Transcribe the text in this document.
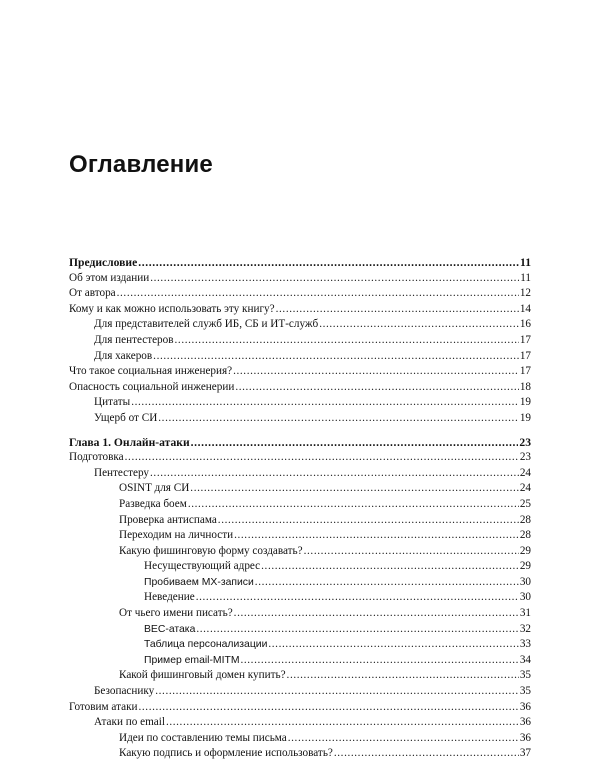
Оглавление
Предисловие .....	11
Об этом издании .....	11
От автора .....	12
Кому и как можно использовать эту книгу? .....	14
Для представителей служб ИБ, СБ и ИТ-служб .....	16
Для пентестеров .....	17
Для хакеров .....	17
Что такое социальная инженерия? .....	17
Опасность социальной инженерии .....	18
Цитаты .....	19
Ущерб от СИ .....	19
Глава 1. Онлайн-атаки .....	23
Подготовка .....	23
Пентестеру .....	24
OSINT для СИ .....	24
Разведка боем .....	25
Проверка антиспама .....	28
Переходим на личности .....	28
Какую фишинговую форму создавать? .....	29
Несуществующий адрес .....	29
Пробиваем MX-записи .....	30
Неведение .....	30
От чьего имени писать? .....	31
BEC-атака .....	32
Таблица персонализации .....	33
Пример email-MITM .....	34
Какой фишинговый домен купить? .....	35
Безопаснику .....	35
Готовим атаки .....	36
Атаки по email .....	36
Идеи по составлению темы письма .....	36
Какую подпись и оформление использовать? .....	37
